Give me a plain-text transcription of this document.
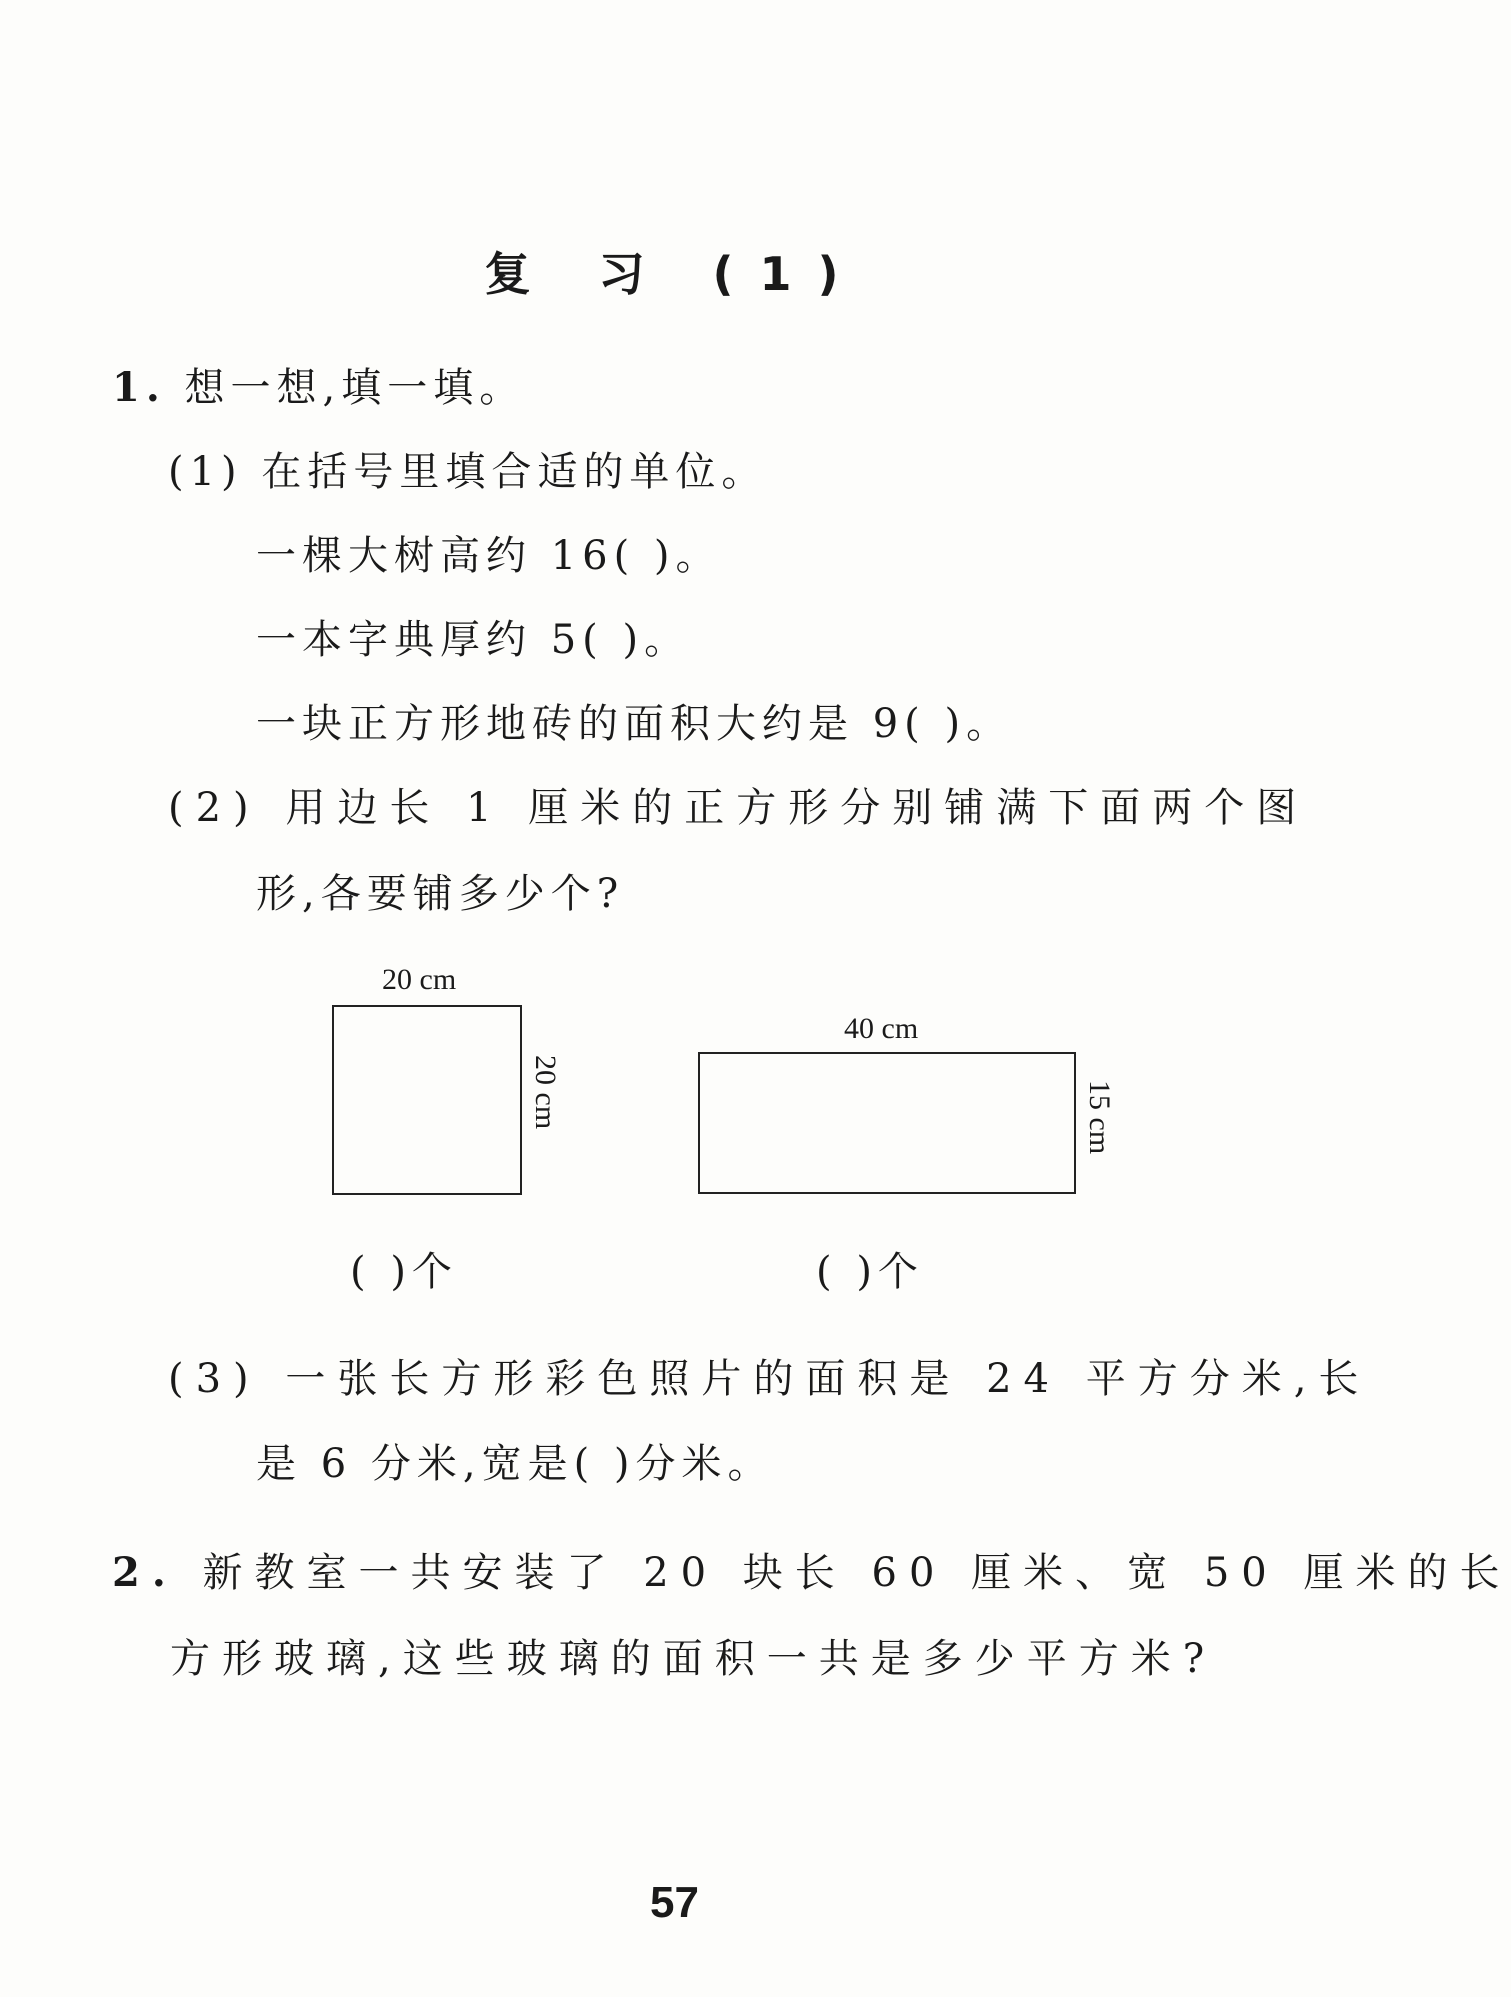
复 习 (1)
1. 想一想,填一填。
(1) 在括号里填合适的单位。
一棵大树高约 16( )。
一本字典厚约 5( )。
一块正方形地砖的面积大约是 9( )。
(2) 用边长 1 厘米的正方形分别铺满下面两个图
形,各要铺多少个?
20 cm
20 cm
( )个
40 cm
15 cm
( )个
(3) 一张长方形彩色照片的面积是 24 平方分米,长
是 6 分米,宽是( )分米。
2. 新教室一共安装了 20 块长 60 厘米、宽 50 厘米的长
方形玻璃,这些玻璃的面积一共是多少平方米?
57
